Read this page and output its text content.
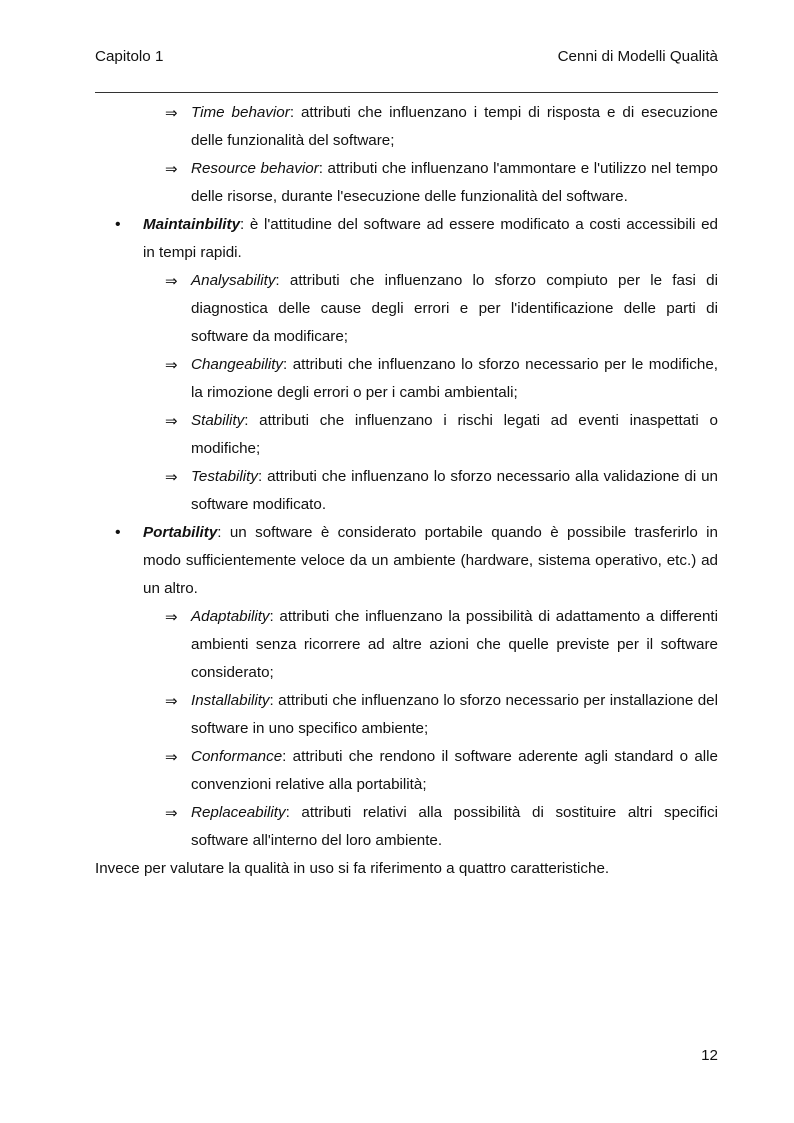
Capitolo 1	Cenni di Modelli Qualità
⇒ Time behavior: attributi che influenzano i tempi di risposta e di esecuzione delle funzionalità del software;
⇒ Resource behavior: attributi che influenzano l'ammontare e l'utilizzo nel tempo delle risorse, durante l'esecuzione delle funzionalità del software.
• Maintainbility: è l'attitudine del software ad essere modificato a costi accessibili ed in tempi rapidi.
⇒ Analysability: attributi che influenzano lo sforzo compiuto per le fasi di diagnostica delle cause degli errori e per l'identificazione delle parti di software da modificare;
⇒ Changeability: attributi che influenzano lo sforzo necessario per le modifiche, la rimozione degli errori o per i cambi ambientali;
⇒ Stability: attributi che influenzano i rischi legati ad eventi inaspettati o modifiche;
⇒ Testability: attributi che influenzano lo sforzo necessario alla validazione di un software modificato.
• Portability: un software è considerato portabile quando è possibile trasferirlo in modo sufficientemente veloce da un ambiente (hardware, sistema operativo, etc.) ad un altro.
⇒ Adaptability: attributi che influenzano la possibilità di adattamento a differenti ambienti senza ricorrere ad altre azioni che quelle previste per il software considerato;
⇒ Installability: attributi che influenzano lo sforzo necessario per installazione del software in uno specifico ambiente;
⇒ Conformance: attributi che rendono il software aderente agli standard o alle convenzioni relative alla portabilità;
⇒ Replaceability: attributi relativi alla possibilità di sostituire altri specifici software all'interno del loro ambiente.
Invece per valutare la qualità in uso si fa riferimento a quattro caratteristiche.
12
